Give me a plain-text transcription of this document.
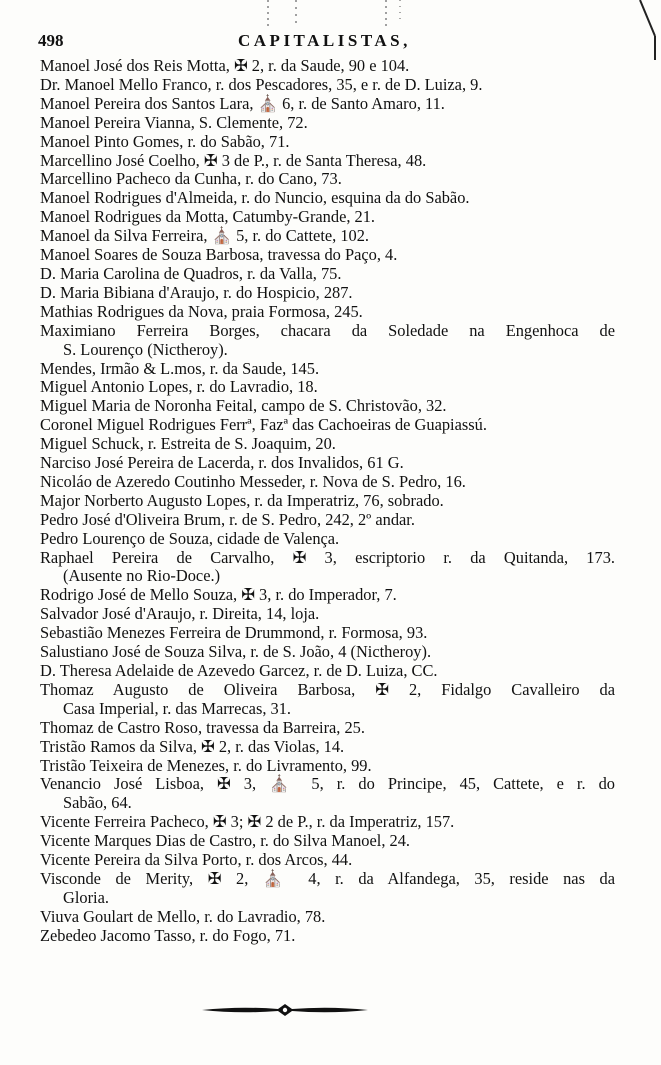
498	CAPITALISTAS,
Manoel José dos Reis Motta, ✠ 2, r. da Saude, 90 e 104.
Dr. Manoel Mello Franco, r. dos Pescadores, 35, e r. de D. Luiza, 9.
Manoel Pereira dos Santos Lara, ⛪ 6, r. de Santo Amaro, 11.
Manoel Pereira Vianna, S. Clemente, 72.
Manoel Pinto Gomes, r. do Sabão, 71.
Marcellino José Coelho, ✠ 3 de P., r. de Santa Theresa, 48.
Marcellino Pacheco da Cunha, r. do Cano, 73.
Manoel Rodrigues d'Almeida, r. do Nuncio, esquina da do Sabão.
Manoel Rodrigues da Motta, Catumby-Grande, 21.
Manoel da Silva Ferreira, ⛪ 5, r. do Cattete, 102.
Manoel Soares de Souza Barbosa, travessa do Paço, 4.
D. Maria Carolina de Quadros, r. da Valla, 75.
D. Maria Bibiana d'Araujo, r. do Hospicio, 287.
Mathias Rodrigues da Nova, praia Formosa, 245.
Maximiano Ferreira Borges, chacara da Soledade na Engenhoca de
S. Lourenço (Nictheroy).
Mendes, Irmão & L.mos, r. da Saude, 145.
Miguel Antonio Lopes, r. do Lavradio, 18.
Miguel Maria de Noronha Feital, campo de S. Christovão, 32.
Coronel Miguel Rodrigues Ferrª, Fazª das Cachoeiras de Guapiassú.
Miguel Schuck, r. Estreita de S. Joaquim, 20.
Narciso José Pereira de Lacerda, r. dos Invalidos, 61 G.
Nicoláo de Azeredo Coutinho Messeder, r. Nova de S. Pedro, 16.
Major Norberto Augusto Lopes, r. da Imperatriz, 76, sobrado.
Pedro José d'Oliveira Brum, r. de S. Pedro, 242, 2º andar.
Pedro Lourenço de Souza, cidade de Valença.
Raphael Pereira de Carvalho, ✠ 3, escriptorio r. da Quitanda, 173.
(Ausente no Rio-Doce.)
Rodrigo José de Mello Souza, ✠ 3, r. do Imperador, 7.
Salvador José d'Araujo, r. Direita, 14, loja.
Sebastião Menezes Ferreira de Drummond, r. Formosa, 93.
Salustiano José de Souza Silva, r. de S. João, 4 (Nictheroy).
D. Theresa Adelaide de Azevedo Garcez, r. de D. Luiza, CC.
Thomaz Augusto de Oliveira Barbosa, ✠ 2, Fidalgo Cavalleiro da
Casa Imperial, r. das Marrecas, 31.
Thomaz de Castro Roso, travessa da Barreira, 25.
Tristão Ramos da Silva, ✠ 2, r. das Violas, 14.
Tristão Teixeira de Menezes, r. do Livramento, 99.
Venancio José Lisboa, ✠ 3, ⛪ 5, r. do Principe, 45, Cattete, e r. do
Sabão, 64.
Vicente Ferreira Pacheco, ✠ 3; ✠ 2 de P., r. da Imperatriz, 157.
Vicente Marques Dias de Castro, r. do Silva Manoel, 24.
Vicente Pereira da Silva Porto, r. dos Arcos, 44.
Visconde de Merity, ✠ 2, ⛪ 4, r. da Alfandega, 35, reside nas da
Gloria.
Viuva Goulart de Mello, r. do Lavradio, 78.
Zebedeo Jacomo Tasso, r. do Fogo, 71.
